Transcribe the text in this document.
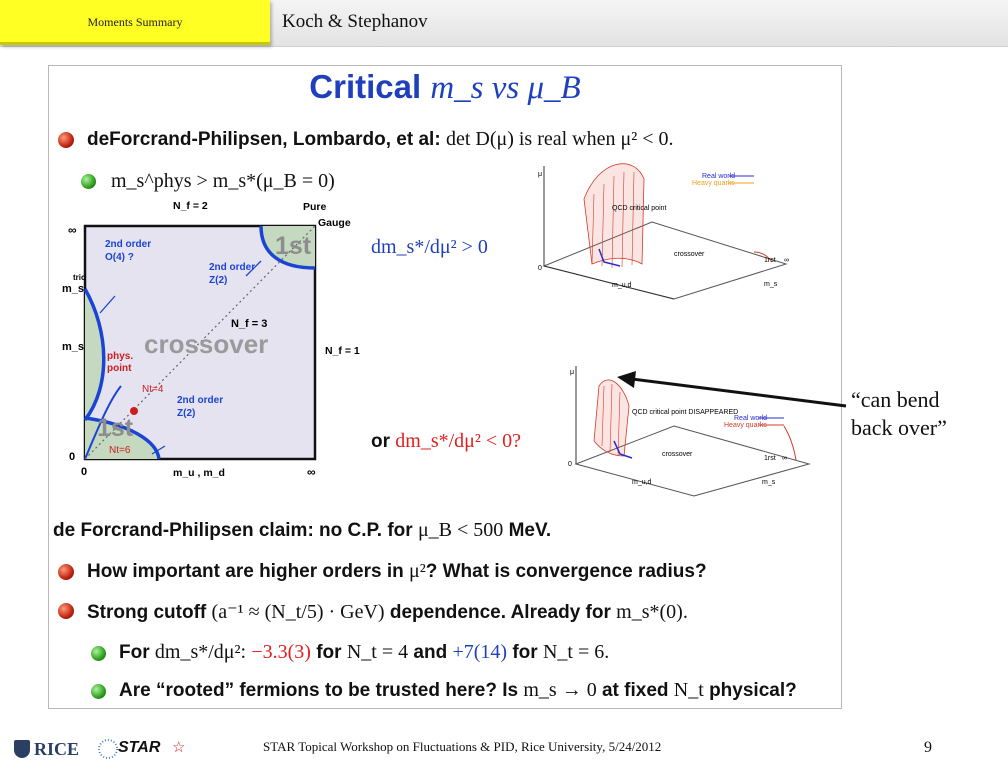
Moments Summary	Koch & Stephanov
Critical m_s vs μ_B
deForcrand-Philipsen, Lombardo, et al: det D(μ) is real when μ² < 0.
m_s^phys > m_s*(μ_B = 0)
N_f = 2	Pure
Gauge
∞
tric
m_s
m_s
0
2nd order
O(4) ?
2nd order
Z(2)
1st
crossover
N_f = 3
N_f = 1
phys.
point
Nt=4
2nd order
Z(2)
1st
Nt=6
0	m_u , m_d	∞
dm_s*/dμ² > 0
or dm_s*/dμ² < 0?
Real world
Heavy quarks
μ
0
QCD critical point
crossover
1rst ∞
m_u,d	m_s
Real world
Heavy quarks
μ
0
QCD critical point DISAPPEARED
crossover
1rst ∞
m_u,d	m_s
de Forcrand-Philipsen claim: no C.P. for μ_B < 500 MeV.
How important are higher orders in μ²? What is convergence radius?
Strong cutoff (a⁻¹ ≈ (N_t/5) · GeV) dependence. Already for m_s*(0).
For dm_s*/dμ²: −3.3(3) for N_t = 4 and +7(14) for N_t = 6.
Are “rooted” fermions to be trusted here? Is m_s → 0 at fixed N_t physical?
“can bend
back over”
RICE STAR ☆	STAR Topical Workshop on Fluctuations & PID, Rice University, 5/24/2012	9
